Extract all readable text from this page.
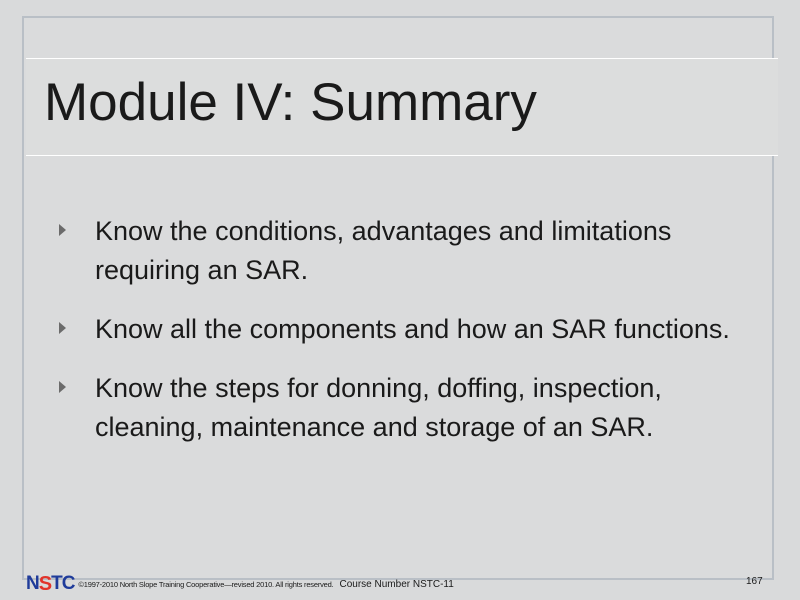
Module IV: Summary
Know the conditions, advantages and limitations requiring an SAR.
Know all the components and how an SAR functions.
Know the steps for donning, doffing, inspection, cleaning, maintenance and storage of an SAR.
N S T C ©1997-2010 North Slope Training Cooperative—revised 2010. All rights reserved. Course Number NSTC-11	167
